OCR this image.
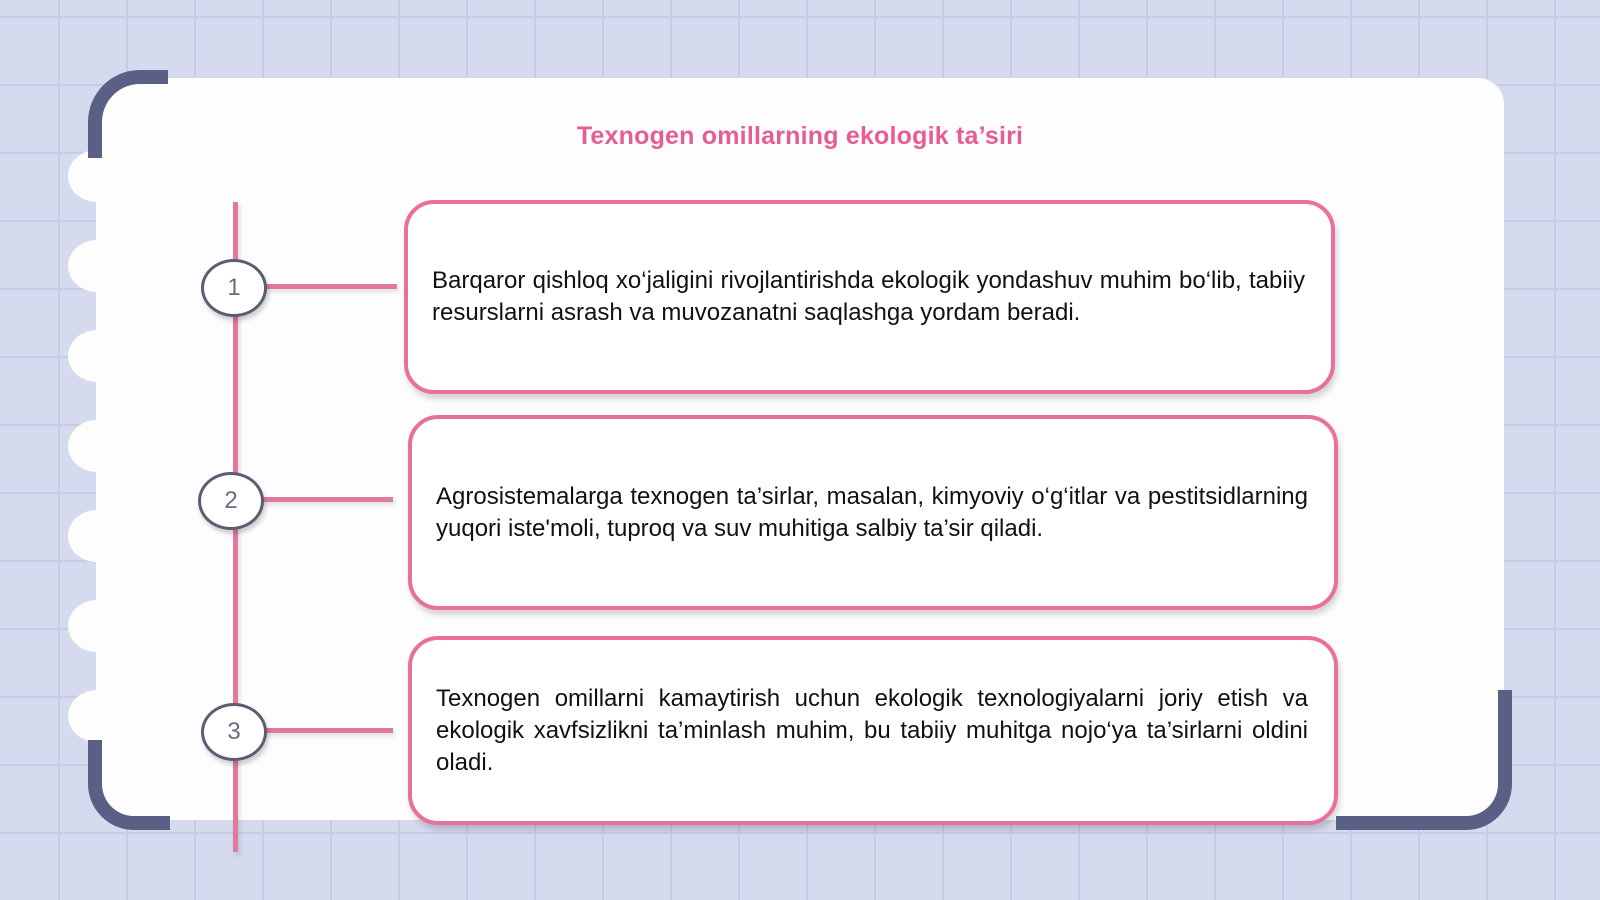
Texnogen omillarning ekologik ta’siri
1
2
3

Barqaror qishloq xo‘jaligini rivojlantirishda ekologik yondashuv muhim bo‘lib, tabiiy resurslarni asrash va muvozanatni saqlashga yordam beradi.

Agrosistemalarga texnogen ta’sirlar, masalan, kimyoviy o‘g‘itlar va pestitsidlarning yuqori iste'moli, tuproq va suv muhitiga salbiy ta’sir qiladi.

Texnogen omillarni kamaytirish uchun ekologik texnologiyalarni joriy etish va ekologik xavfsizlikni ta’minlash muhim, bu tabiiy muhitga nojo‘ya ta’sirlarni oldini oladi.
